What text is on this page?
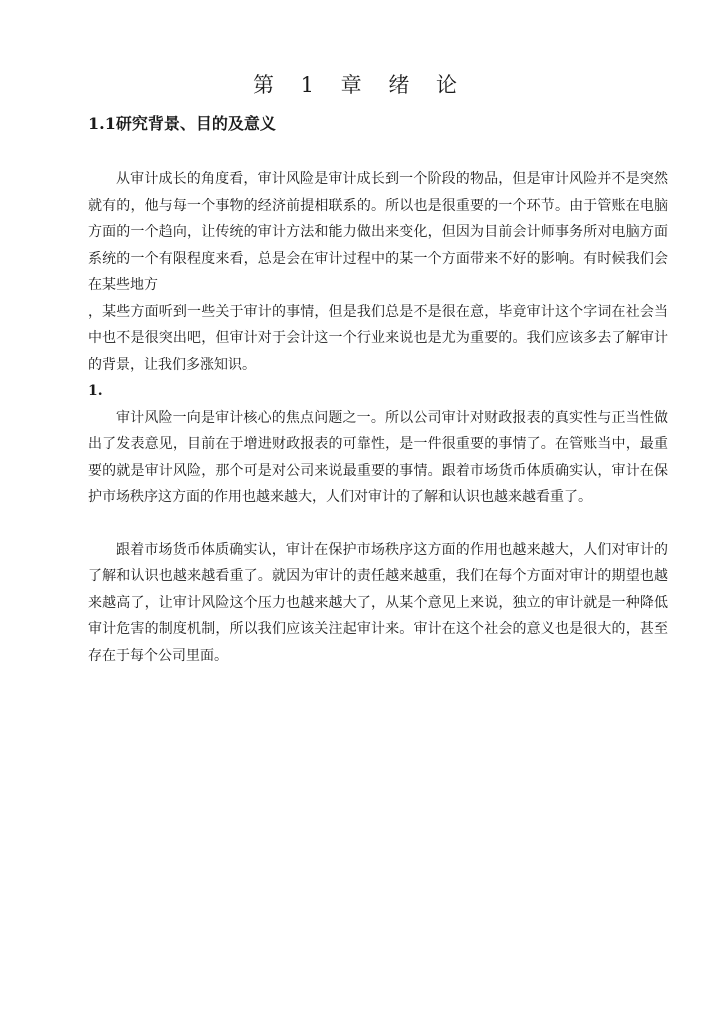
第 1 章 绪 论
1.1研究背景、目的及意义

从审计成长的角度看，审计风险是审计成长到一个阶段的物品，但是审计风险并不是突然就有的，他与每一个事物的经济前提相联系的。所以也是很重要的一个环节。由于管账在电脑方面的一个趋向，让传统的审计方法和能力做出来变化，但因为目前会计师事务所对电脑方面系统的一个有限程度来看，总是会在审计过程中的某一个方面带来不好的影响。有时候我们会在某些地方

，某些方面听到一些关于审计的事情，但是我们总是不是很在意，毕竟审计这个字词在社会当中也不是很突出吧，但审计对于会计这一个行业来说也是尤为重要的。我们应该多去了解审计的背景，让我们多涨知识。

1.

审计风险一向是审计核心的焦点问题之一。所以公司审计对财政报表的真实性与正当性做出了发表意见，目前在于增进财政报表的可靠性，是一件很重要的事情了。在管账当中，最重要的就是审计风险，那个可是对公司来说最重要的事情。跟着市场货币体质确实认，审计在保护市场秩序这方面的作用也越来越大，人们对审计的了解和认识也越来越看重了。

跟着市场货币体质确实认，审计在保护市场秩序这方面的作用也越来越大，人们对审计的了解和认识也越来越看重了。就因为审计的责任越来越重，我们在每个方面对审计的期望也越来越高了，让审计风险这个压力也越来越大了，从某个意见上来说，独立的审计就是一种降低审计危害的制度机制，所以我们应该关注起审计来。审计在这个社会的意义也是很大的，甚至存在于每个公司里面。
